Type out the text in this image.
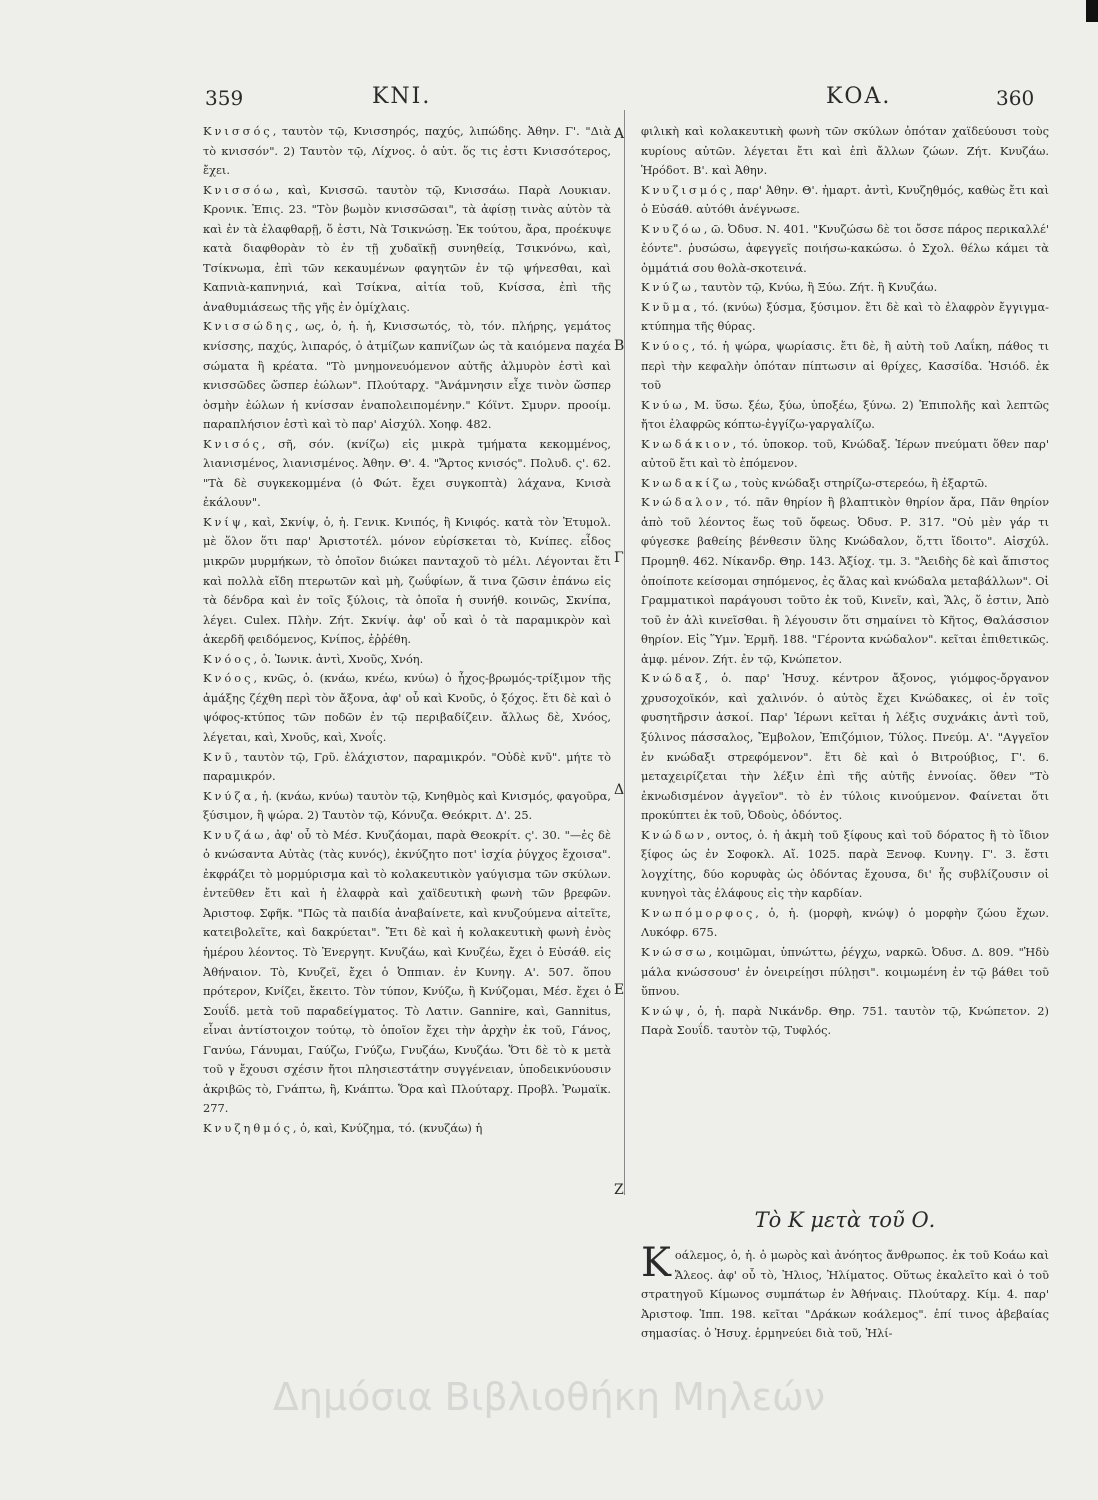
359	ΚΝΙ.	ΚΟΑ.	360
Α
Β
Γ
Δ
Ε
Ζ

Κνισσός, ταυτὸν τῷ, Κνισσηρός, παχύς, λιπώδης. Ἀθην. Γ'. "Διὰ τὸ κνισσόν". 2) Ταυτὸν τῷ, Λίχνος. ὁ αὐτ. ὅς τις ἐστι Κνισσότερος, ἔχει.

Κνισσόω, καὶ, Κνισσῶ. ταυτὸν τῷ, Κνισσάω. Παρὰ Λουκιαν. Κρονικ. Ἐπις. 23. "Τὸν βωμὸν κνισσῶσαι", τὰ ἀφίσῃ τινὰς αὐτὸν τὰ καὶ ἐν τὰ ἐλαφθαρῇ, ὅ ἐστι, Νὰ Τσικνώσῃ. Ἐκ τούτου, ἄρα, προέκυψε κατὰ διαφθορὰν τὸ ἐν τῇ χυδαϊκῇ συνηθείᾳ, Τσικνόνω, καὶ, Τσίκνωμα, ἐπὶ τῶν κεκαυμένων φαγητῶν ἐν τῷ ψήνεσθαι, καὶ Καπνιὰ-καπνηνιά, καὶ Τσίκνα, αἰτία τοῦ, Κνίσσα, ἐπὶ τῆς ἀναθυμιάσεως τῆς γῆς ἐν ὁμίχλαις.

Κνισσώδης, ως, ὁ, ἡ. ἡ, Κνισσωτός, τὸ, τόν. πλήρης, γεμάτος κνίσσης, παχύς, λιπαρός, ὁ ἀτμίζων καπνίζων ὡς τὰ καιόμενα παχέα σώματα ἢ κρέατα. "Τὸ μνημονευόμενον αὐτῆς ἀλμυρὸν ἐστὶ καὶ κνισσῶδες ὥσπερ ἐώλων". Πλούταρχ. "Ἀνάμνησιν εἶχε τινὸν ὥσπερ ὀσμὴν ἐώλων ἡ κνίσσαν ἐναπολειπομένην." Κόϊντ. Σμυρν. προοίμ. παραπλήσιον ἐστὶ καὶ τὸ παρ' Αἰσχύλ. Χοηφ. 482.

Κνισός, σῆ, σόν. (κνίζω) εἰς μικρὰ τμήματα κεκομμένος, λιανισμένος, λιανισμένος. Ἀθην. Θ'. 4. "Ἄρτος κνισός". Πολυδ. ς'. 62. "Τὰ δὲ συγκεκομμένα (ὁ Φώτ. ἔχει συγκοπτὰ) λάχανα, Κνισὰ ἐκάλουν".

Κνίψ, καὶ, Σκνίψ, ὁ, ἡ. Γενικ. Κνιπός, ἢ Κνιφός. κατὰ τὸν Ἐτυμολ. μὲ ὅλον ὅτι παρ' Ἀριστοτέλ. μόνον εὑρίσκεται τὸ, Κνίπες. εἶδος μικρῶν μυρμήκων, τὸ ὁποῖον διώκει πανταχοῦ τὸ μέλι. Λέγονται ἔτι καὶ πολλὰ εἴδη πτερωτῶν καὶ μὴ, ζωΰφίων, ἅ τινα ζῶσιν ἐπάνω εἰς τὰ δένδρα καὶ ἐν τοῖς ξύλοις, τὰ ὁποῖα ἡ συνήθ. κοινῶς, Σκνίπα, λέγει. Culex. Πλὴν. Ζήτ. Σκνίψ. ἀφ' οὗ καὶ ὁ τὰ παραμικρὸν καὶ ἀκερδῆ φειδόμενος, Κνίπος, ἐῤῥέθη.

Κνόος, ὁ. Ἰωνικ. ἀντὶ, Χνοῦς, Χνόη.

Κνόος, κνῶς, ὁ. (κνάω, κνέω, κνύω) ὁ ἦχος-βρωμός-τρίξιμον τῆς ἁμάξης ζέχθη περὶ τὸν ἄξονα, ἀφ' οὗ καὶ Κνοῦς, ὁ ξόχος. ἔτι δὲ καὶ ὁ ψόφος-κτύπος τῶν ποδῶν ἐν τῷ περιβαδίζειν. ἄλλως δὲ, Χνόος, λέγεται, καὶ, Χνοῦς, καὶ, Χνοΐς.

Κνῦ, ταυτὸν τῷ, Γρῦ. ἐλάχιστον, παραμικρόν. "Οὐδὲ κνῦ". μήτε τὸ παραμικρόν.

Κνύζα, ἡ. (κνάω, κνύω) ταυτὸν τῷ, Κνηθμὸς καὶ Κνισμός, φαγοῦρα, ξύσιμον, ἢ ψώρα. 2) Ταυτὸν τῷ, Κόνυζα. Θεόκριτ. Δ'. 25.

Κνυζάω, ἀφ' οὗ τὸ Μέσ. Κνυζάομαι, παρὰ Θεοκρίτ. ς'. 30. "—ἐς δὲ ὁ κνώσαντα Αὐτὰς (τὰς κυνός), ἐκνύζητο ποτ' ἰσχία ῥύγχος ἔχοισα". ἐκφράζει τὸ μορμύρισμα καὶ τὸ κολακευτικὸν γαύγισμα τῶν σκύλων. ἐντεῦθεν ἔτι καὶ ἡ ἐλαφρὰ καὶ χαϊδευτικὴ φωνὴ τῶν βρεφῶν. Ἀριστοφ. Σφῆκ. "Πῶς τὰ παιδία ἀναβαίνετε, καὶ κνυζούμενα αἰτεῖτε, κατειβολεῖτε, καὶ δακρύεται". Ἔτι δὲ καὶ ἡ κολακευτικὴ φωνὴ ἐνὸς ἡμέρου λέοντος. Τὸ Ἐνεργητ. Κνυζάω, καὶ Κνυζέω, ἔχει ὁ Εὐσάθ. εἰς Ἀθήναιον. Τὸ, Κνυζεῖ, ἔχει ὁ Ὀππιαν. ἐν Κυνηγ. Α'. 507. ὅπου πρότερον, Κνίζει, ἔκειτο. Τὸν τύπον, Κνύζω, ἢ Κνύζομαι, Μέσ. ἔχει ὁ Σουΐδ. μετὰ τοῦ παραδείγματος. Τὸ Λατιν. Gannire, καὶ, Gannitus, εἶναι ἀντίστοιχον τούτῳ, τὸ ὁποῖον ἔχει τὴν ἀρχὴν ἐκ τοῦ, Γάνος, Γανύω, Γάνυμαι, Γαύζω, Γνύζω, Γνυζάω, Κνυζάω. Ὅτι δὲ τὸ κ μετὰ τοῦ γ ἔχουσι σχέσιν ἤτοι πλησιεστάτην συγγένειαν, ὑποδεικνύουσιν ἀκριβῶς τὸ, Γνάπτω, ἢ, Κνάπτω. Ὅρα καὶ Πλούταρχ. Προβλ. Ῥωμαϊκ. 277.

Κνυζηθμός, ὁ, καὶ, Κνύζημα, τό. (κνυζάω) ἡ

φιλικὴ καὶ κολακευτικὴ φωνὴ τῶν σκύλων ὁπόταν χαϊδεύουσι τοὺς κυρίους αὐτῶν. λέγεται ἔτι καὶ ἐπὶ ἄλλων ζώων. Ζήτ. Κνυζάω. Ἡρόδοτ. Β'. καὶ Ἀθην.

Κνυζισμός, παρ' Ἀθην. Θ'. ἡμαρτ. ἀντὶ, Κνυζηθμός, καθὼς ἔτι καὶ ὁ Εὐσάθ. αὐτόθι ἀνέγνωσε.

Κνυζόω, ῶ. Ὀδυσ. Ν. 401. "Κνυζώσω δὲ τοι ὄσσε πάρος περικαλλέ' ἐόντε". ῥυσώσω, ἀφεγγεῖς ποιήσω-κακώσω. ὁ Σχολ. θέλω κάμει τὰ ὀμμάτιά σου θολὰ-σκοτεινά.

Κνύζω, ταυτὸν τῷ, Κνύω, ἢ Ξύω. Ζήτ. ἢ Κνυζάω.

Κνῦμα, τό. (κνύω) ξύσμα, ξύσιμον. ἔτι δὲ καὶ τὸ ἐλαφρὸν ἔγγιγμα-κτύπημα τῆς θύρας.

Κνύος, τό. ἡ ψώρα, ψωρίασις. ἔτι δὲ, ἢ αὐτὴ τοῦ Λαΐκη, πάθος τι περὶ τὴν κεφαλὴν ὁπόταν πίπτωσιν αἱ θρίχες, Κασσίδα. Ἡσιόδ. ἐκ τοῦ

Κνύω, Μ. ὕσω. ξέω, ξύω, ὑποξέω, ξύνω. 2) Ἐπιπολῆς καὶ λεπτῶς ἤτοι ἐλαφρῶς κόπτω-ἐγγίζω-γαργαλίζω.

Κνωδάκιον, τό. ὑποκορ. τοῦ, Κνώδαξ. Ἱέρων πνεύματι ὅθεν παρ' αὐτοῦ ἔτι καὶ τὸ ἐπόμενον.

Κνωδακίζω, τοὺς κνώδαξι στηρίζω-στερεόω, ἢ ἐξαρτῶ.

Κνώδαλον, τό. πᾶν θηρίον ἢ βλαπτικὸν θηρίον ἄρα, Πᾶν θηρίον ἀπὸ τοῦ λέοντος ἕως τοῦ ὄφεως. Ὀδυσ. Ρ. 317. "Οὐ μὲν γάρ τι φύγεσκε βαθείης βένθεσιν ὕλης Κνώδαλον, ὅ,ττι ἴδοιτο". Αἰσχύλ. Προμηθ. 462. Νίκανδρ. Θηρ. 143. Ἀξίοχ. τμ. 3. "Ἀειδὴς δὲ καὶ ἄπιστος ὁποίποτε κείσομαι σηπόμενος, ἐς ἄλας καὶ κνώδαλα μεταβάλλων". Οἱ Γραμματικοὶ παράγουσι τοῦτο ἐκ τοῦ, Κινεῖν, καὶ, Ἅλς, ὅ ἐστιν, Ἀπὸ τοῦ ἐν ἁλὶ κινεῖσθαι. ἢ λέγουσιν ὅτι σημαίνει τὸ Κῆτος, Θαλάσσιον θηρίον. Εἰς Ὕμν. Ἑρμῆ. 188. "Γέροντα κνώδαλον". κεῖται ἐπιθετικῶς. ἀμφ. μένον. Ζήτ. ἐν τῷ, Κνώπετον.

Κνώδαξ, ὁ. παρ' Ἡσυχ. κέντρον ἄξονος, γιόμφος-ὄργανον χρυσοχοϊκόν, καὶ χαλινόν. ὁ αὐτὸς ἔχει Κνώδακες, οἱ ἐν τοῖς φυσητῆρσιν ἀσκοί. Παρ' Ἱέρωνι κεῖται ἡ λέξις συχνάκις ἀντὶ τοῦ, ξύλινος πάσσαλος, Ἔμβολον, Ἐπιζόμιον, Τύλος. Πνεύμ. Α'. "Αγγεῖον ἐν κνώδαξι στρεφόμενον". ἔτι δὲ καὶ ὁ Βιτρούβιος, Γ'. 6. μεταχειρίζεται τὴν λέξιν ἐπὶ τῆς αὐτῆς ἐννοίας. ὅθεν "Τὸ ἐκνωδισμένον ἀγγεῖον". τὸ ἐν τύλοις κινούμενον. Φαίνεται ὅτι προκύπτει ἐκ τοῦ, Ὀδοὺς, ὀδόντος.

Κνώδων, οντος, ὁ. ἡ ἀκμὴ τοῦ ξίφους καὶ τοῦ δόρατος ἢ τὸ ἴδιον ξίφος ὡς ἐν Σοφοκλ. Αἴ. 1025. παρὰ Ξενοφ. Κυνηγ. Γ'. 3. ἔστι λογχίτης, δύο κορυφὰς ὡς ὀδόντας ἔχουσα, δι' ἧς συβλίζουσιν οἱ κυνηγοὶ τὰς ἐλάφους εἰς τὴν καρδίαν.

Κνωπόμορφος, ὁ, ἡ. (μορφὴ, κνώψ) ὁ μορφὴν ζώου ἔχων. Λυκόφρ. 675.

Κνώσσω, κοιμῶμαι, ὑπνώττω, ῥέγχω, ναρκῶ. Ὀδυσ. Δ. 809. "Ἡδὺ μάλα κνώσσουσ' ἐν ὀνειρείῃσι πύλῃσι". κοιμωμένη ἐν τῷ βάθει τοῦ ὕπνου.

Κνώψ, ὁ, ἡ. παρὰ Νικάνδρ. Θηρ. 751. ταυτὸν τῷ, Κνώπετον. 2) Παρὰ Σουΐδ. ταυτὸν τῷ, Τυφλός.

Τὸ Κ μετὰ τοῦ Ο.
Κ οάλεμος, ὁ, ἡ. ὁ μωρὸς καὶ ἀνόητος ἄνθρωπος. ἐκ τοῦ Κοάω καὶ Ἄλεος. ἀφ' οὗ τὸ, Ἠλιος, Ἠλίματος. Οὕτως ἐκαλεῖτο καὶ ὁ τοῦ στρατηγοῦ Κίμωνος συμπάτωρ ἐν Ἀθήναις. Πλούταρχ. Κίμ. 4. παρ' Ἀριστοφ. Ἱππ. 198. κεῖται "Δράκων κοάλεμος". ἐπί τινος ἀβεβαίας σημασίας. ὁ Ἡσυχ. ἑρμηνεύει διὰ τοῦ, Ἠλί-

Δημόσια Βιβλιοθήκη Μηλεών
